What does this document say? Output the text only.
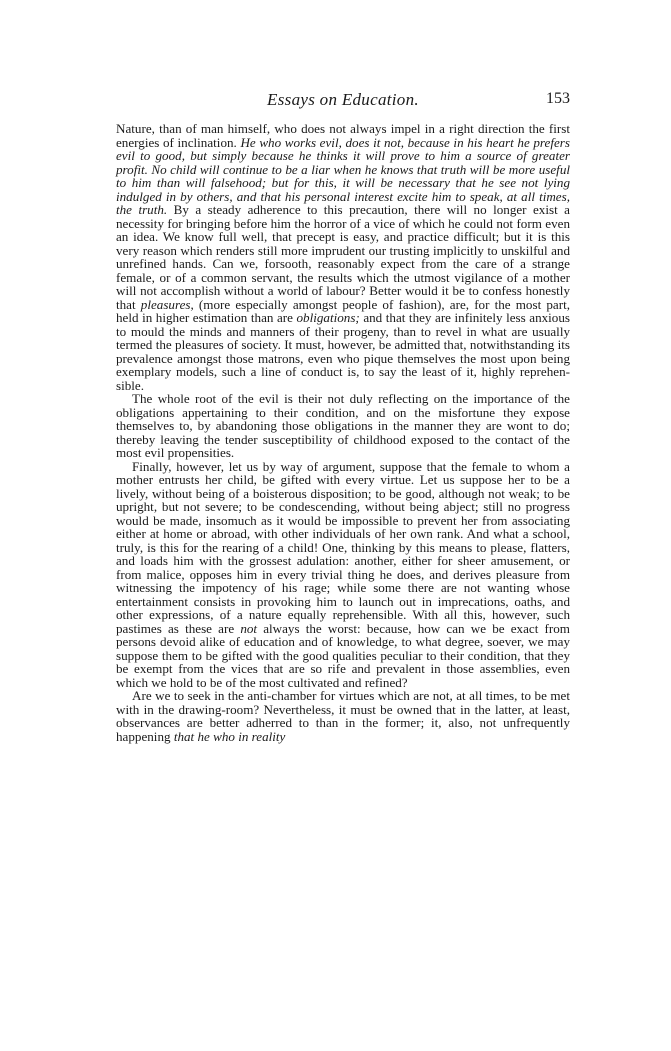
Essays on Education.	153

Nature, than of man himself, who does not always impel in a right direction the first energies of inclination. He who works evil, does it not, because in his heart he prefers evil to good, but simply because he thinks it will prove to him a source of greater profit. No child will continue to be a liar when he knows that truth will be more useful to him than will falsehood; but for this, it will be necessary that he see not lying indulged in by others, and that his personal interest excite him to speak, at all times, the truth. By a steady adherence to this precaution, there will no longer exist a necessity for bringing before him the horror of a vice of which he could not form even an idea. We know full well, that precept is easy, and practice difficult; but it is this very reason which renders still more imprudent our trusting implicitly to unskilful and unrefined hands. Can we, forsooth, reasonably expect from the care of a strange female, or of a common servant, the results which the utmost vigilance of a mother will not accomplish without a world of labour? Better would it be to confess honestly that pleasures, (more especially amongst people of fashion), are, for the most part, held in higher estimation than are obligations; and that they are infinitely less anxious to mould the minds and manners of their progeny, than to revel in what are usually termed the pleasures of society. It must, however, be admitted that, notwithstanding its prevalence amongst those matrons, even who pique themselves the most upon being exemplary models, such a line of conduct is, to say the least of it, highly reprehensible.

The whole root of the evil is their not duly reflecting on the importance of the obligations appertaining to their condition, and on the misfortune they expose themselves to, by abandoning those obligations in the manner they are wont to do; thereby leaving the tender susceptibility of childhood exposed to the contact of the most evil propensities.

Finally, however, let us by way of argument, suppose that the female to whom a mother entrusts her child, be gifted with every virtue. Let us suppose her to be a lively, without being of a boisterous disposition; to be good, although not weak; to be upright, but not severe; to be condescending, without being abject; still no progress would be made, insomuch as it would be impossible to prevent her from associating either at home or abroad, with other individuals of her own rank. And what a school, truly, is this for the rearing of a child! One, thinking by this means to please, flatters, and loads him with the grossest adulation: another, either for sheer amusement, or from malice, opposes him in every trivial thing he does, and derives pleasure from witnessing the impotency of his rage; while some there are not wanting whose entertainment consists in provoking him to launch out in imprecations, oaths, and other expressions, of a nature equally reprehensible. With all this, however, such pastimes as these are not always the worst: because, how can we be exact from persons devoid alike of education and of knowledge, to what degree, soever, we may suppose them to be gifted with the good qualities peculiar to their condition, that they be exempt from the vices that are so rife and prevalent in those assemblies, even which we hold to be of the most cultivated and refined?

Are we to seek in the anti-chamber for virtues which are not, at all times, to be met with in the drawing-room? Nevertheless, it must be owned that in the latter, at least, observances are better adherred to than in the former; it, also, not unfrequently happening that he who in reality
